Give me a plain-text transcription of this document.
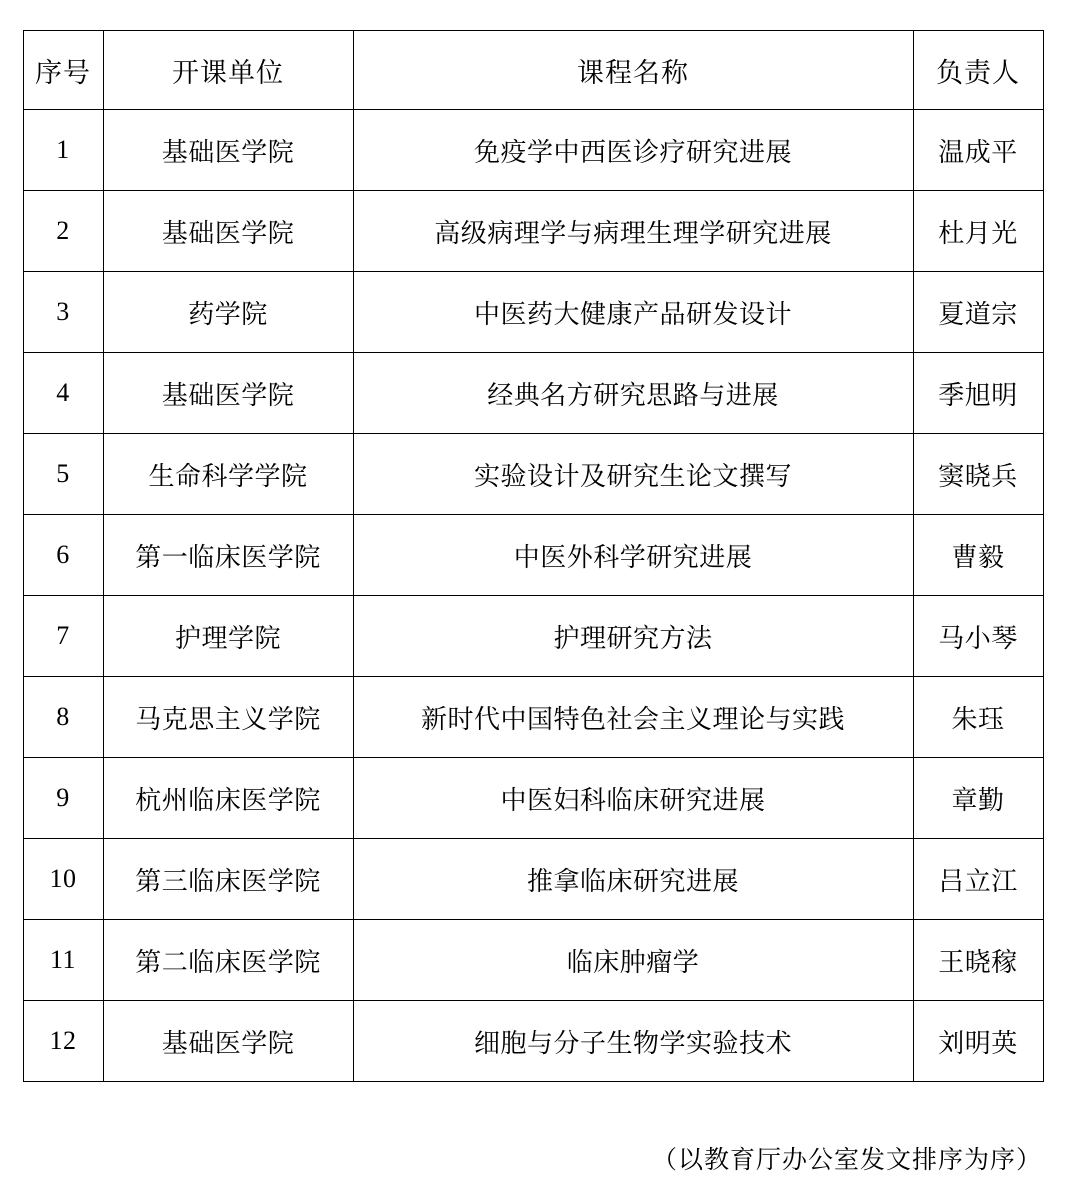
序号	开课单位	课程名称	负责人
1	基础医学院	免疫学中西医诊疗研究进展	温成平
2	基础医学院	高级病理学与病理生理学研究进展	杜月光
3	药学院	中医药大健康产品研发设计	夏道宗
4	基础医学院	经典名方研究思路与进展	季旭明
5	生命科学学院	实验设计及研究生论文撰写	窦晓兵
6	第一临床医学院	中医外科学研究进展	曹毅
7	护理学院	护理研究方法	马小琴
8	马克思主义学院	新时代中国特色社会主义理论与实践	朱珏
9	杭州临床医学院	中医妇科临床研究进展	章勤
10	第三临床医学院	推拿临床研究进展	吕立江
11	第二临床医学院	临床肿瘤学	王晓稼
12	基础医学院	细胞与分子生物学实验技术	刘明英
（以教育厅办公室发文排序为序）
